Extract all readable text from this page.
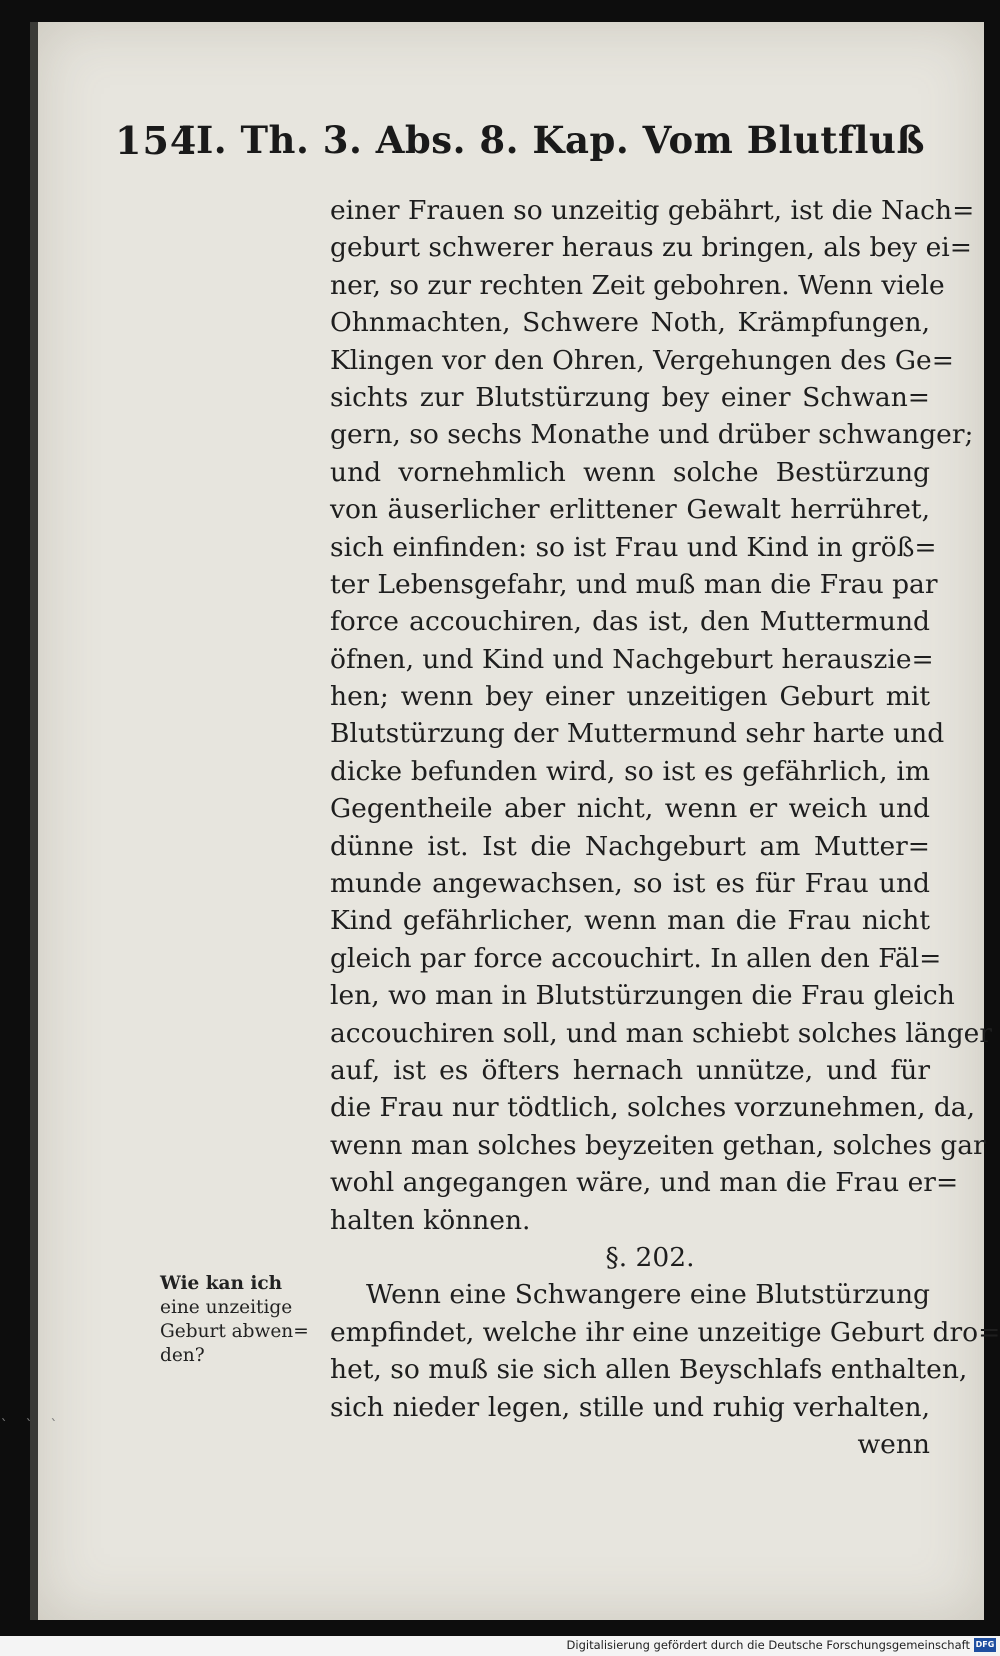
154
II. Th. 3. Abs. 8. Kap. Vom Blutfluß
einer Frauen so unzeitig gebährt, ist die Nach=
geburt schwerer heraus zu bringen, als bey ei=
ner, so zur rechten Zeit gebohren. Wenn viele
Ohnmachten, Schwere Noth, Krämpfungen,
Klingen vor den Ohren, Vergehungen des Ge=
sichts zur Blutstürzung bey einer Schwan=
gern, so sechs Monathe und drüber schwanger;
und vornehmlich wenn solche Bestürzung
von äuserlicher erlittener Gewalt herrühret,
sich einfinden: so ist Frau und Kind in größ=
ter Lebensgefahr, und muß man die Frau par
force accouchiren, das ist, den Muttermund
öfnen, und Kind und Nachgeburt herauszie=
hen; wenn bey einer unzeitigen Geburt mit
Blutstürzung der Muttermund sehr harte und
dicke befunden wird, so ist es gefährlich, im
Gegentheile aber nicht, wenn er weich und
dünne ist. Ist die Nachgeburt am Mutter=
munde angewachsen, so ist es für Frau und
Kind gefährlicher, wenn man die Frau nicht
gleich par force accouchirt. In allen den Fäl=
len, wo man in Blutstürzungen die Frau gleich
accouchiren soll, und man schiebt solches länger
auf, ist es öfters hernach unnütze, und für
die Frau nur tödtlich, solches vorzunehmen, da,
wenn man solches beyzeiten gethan, solches gar
wohl angegangen wäre, und man die Frau er=
halten können.
§. 202.
Wenn eine Schwangere eine Blutstürzung
empfindet, welche ihr eine unzeitige Geburt dro=
het, so muß sie sich allen Beyschlafs enthalten,
sich nieder legen, stille und ruhig verhalten,
wenn
Wie kan ich
eine unzeitige
Geburt abwen=
den?
` ` `
Digitalisierung gefördert durch die Deutsche Forschungsgemeinschaft DFG
